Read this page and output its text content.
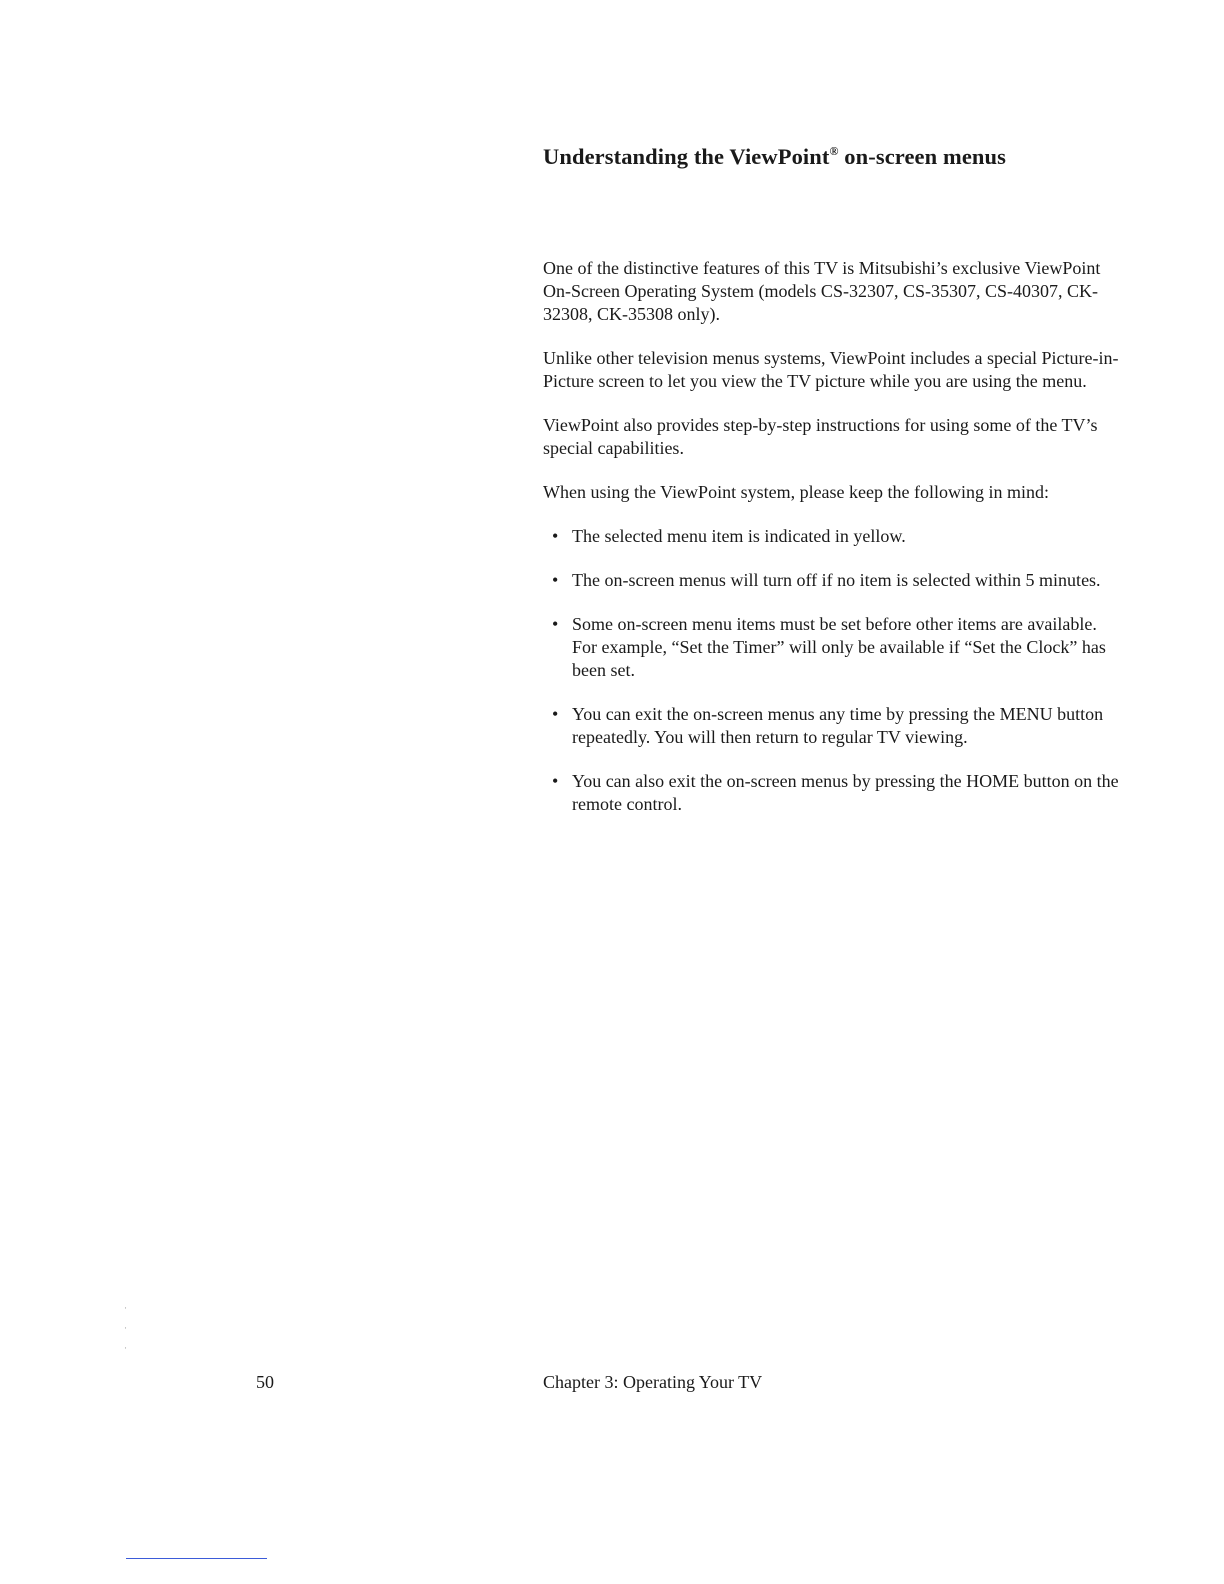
Understanding the ViewPoint® on-screen menus

One of the distinctive features of this TV is Mitsubishi’s exclusive ViewPoint On-Screen Operating System (models CS-32307, CS-35307, CS-40307, CK-32308, CK-35308 only).

Unlike other television menus systems, ViewPoint includes a special Picture-in-Picture screen to let you view the TV picture while you are using the menu.

ViewPoint also provides step-by-step instructions for using some of the TV’s special capabilities.

When using the ViewPoint system, please keep the following in mind:

• The selected menu item is indicated in yellow.
• The on-screen menus will turn off if no item is selected within 5 minutes.
• Some on-screen menu items must be set before other items are available. For example, “Set the Timer” will only be available if “Set the Clock” has been set.
• You can exit the on-screen menus any time by pressing the MENU button repeatedly. You will then return to regular TV viewing.
• You can also exit the on-screen menus by pressing the HOME button on the remote control.
50	Chapter 3: Operating Your TV
·
·
·
